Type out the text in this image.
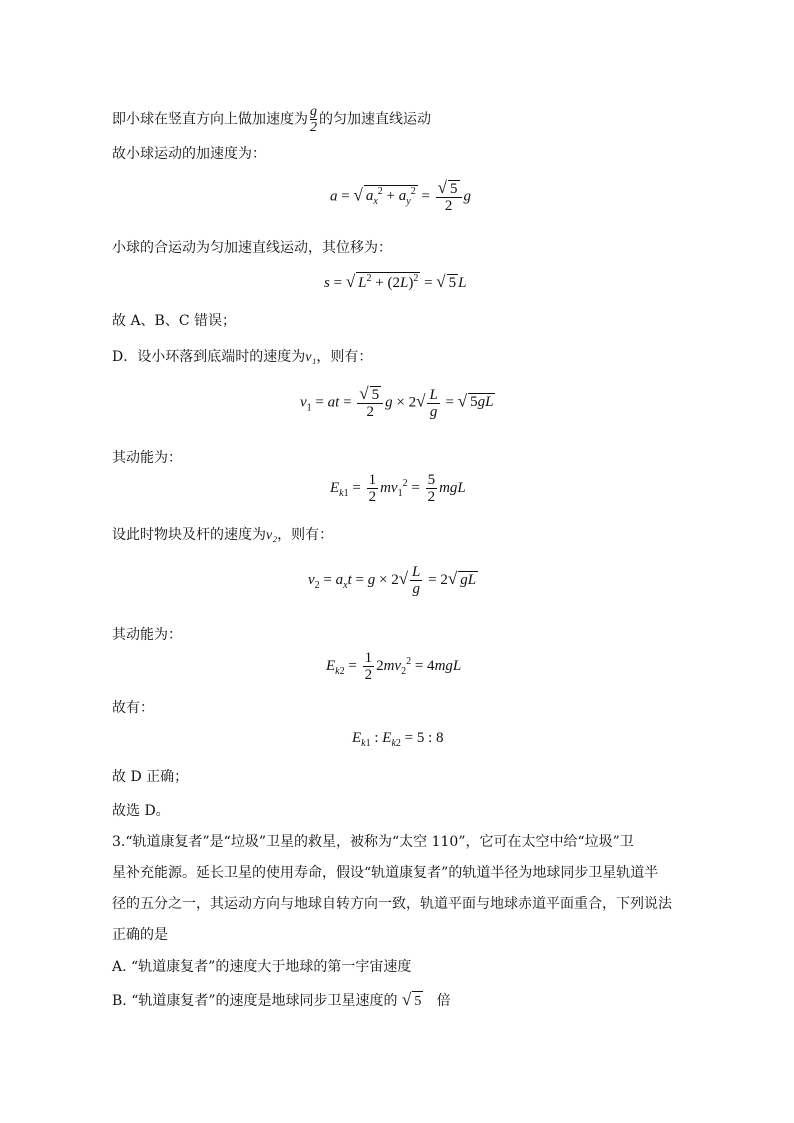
即小球在竖直方向上做加速度为 $\frac{g}{2}$ 的匀加速直线运动
故小球运动的加速度为：
a = √ $a_x^2 + a_y^2 = \frac{√ 5}{2}$ g
小球的合运动为匀加速直线运动，其位移为：
s = √ $L^2 + (2L)^2$ = √ 5 L
故 A、B、C 错误；
D．设小环落到底端时的速度为v₁，则有：
$v_1$ = at = $\frac{√ 5}{2}$ $g \times 2√ \frac{L}{g}$ = √ 5gL
其动能为：
$E_{k1} = \frac{1}{2} mv_1^2 = \frac{5}{2}$ mgL
设此时物块及杆的速度为v₂，则有：
$v_2 = a_xt = g \times 2√ \frac{L}{g} = 2√$ gL
其动能为：
$E_{k2} = \frac{1}{2} 2mv_2^2 = 4mgL$
故有：
$E_{k1}$ : $E_{k2} = 5$ : 8
故 D 正确；
故选 D。
3.“轨道康复者”是“垃圾”卫星的救星，被称为“太空 110”，它可在太空中给“垃圾”卫
星补充能源。延长卫星的使用寿命，假设“轨道康复者”的轨道半径为地球同步卫星轨道半
径的五分之一，其运动方向与地球自转方向一致，轨道平面与地球赤道平面重合，下列说法
正确的是
A. “轨道康复者”的速度大于地球的第一宇宙速度
B. “轨道康复者”的速度是地球同步卫星速度的 √ 5 倍
